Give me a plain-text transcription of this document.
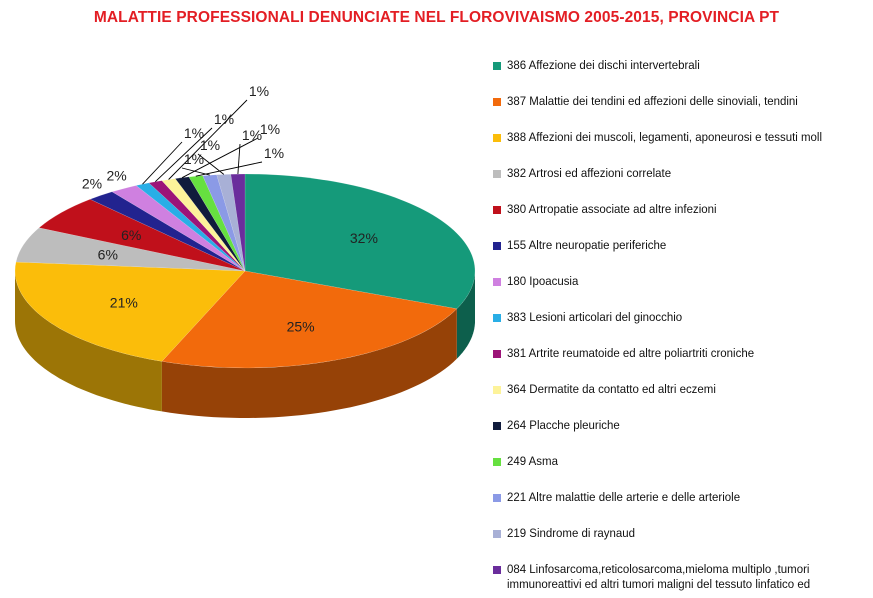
MALATTIE PROFESSIONALI DENUNCIATE NEL FLOROVIVAISMO 2005-2015, PROVINCIA PT
32%
25%
21%
6%
6%
2% 2%
1%
1%
1%
1%
1%
1%
1%
1%
386 Affezione dei dischi intervertebrali
387 Malattie dei tendini ed affezioni delle sinoviali, tendini
388 Affezioni dei muscoli, legamenti, aponeurosi e tessuti moll
382 Artrosi ed affezioni correlate
380 Artropatie associate ad altre infezioni
155 Altre neuropatie periferiche
180 Ipoacusia
383 Lesioni articolari del ginocchio
381 Artrite reumatoide ed altre poliartriti croniche
364 Dermatite da contatto ed altri eczemi
264 Placche pleuriche
249 Asma
221 Altre malattie delle arterie e delle arteriole
219 Sindrome di raynaud
084 Linfosarcoma,reticolosarcoma,mieloma multiplo ,tumori immunoreattivi ed altri tumori maligni del tessuto linfatico ed
